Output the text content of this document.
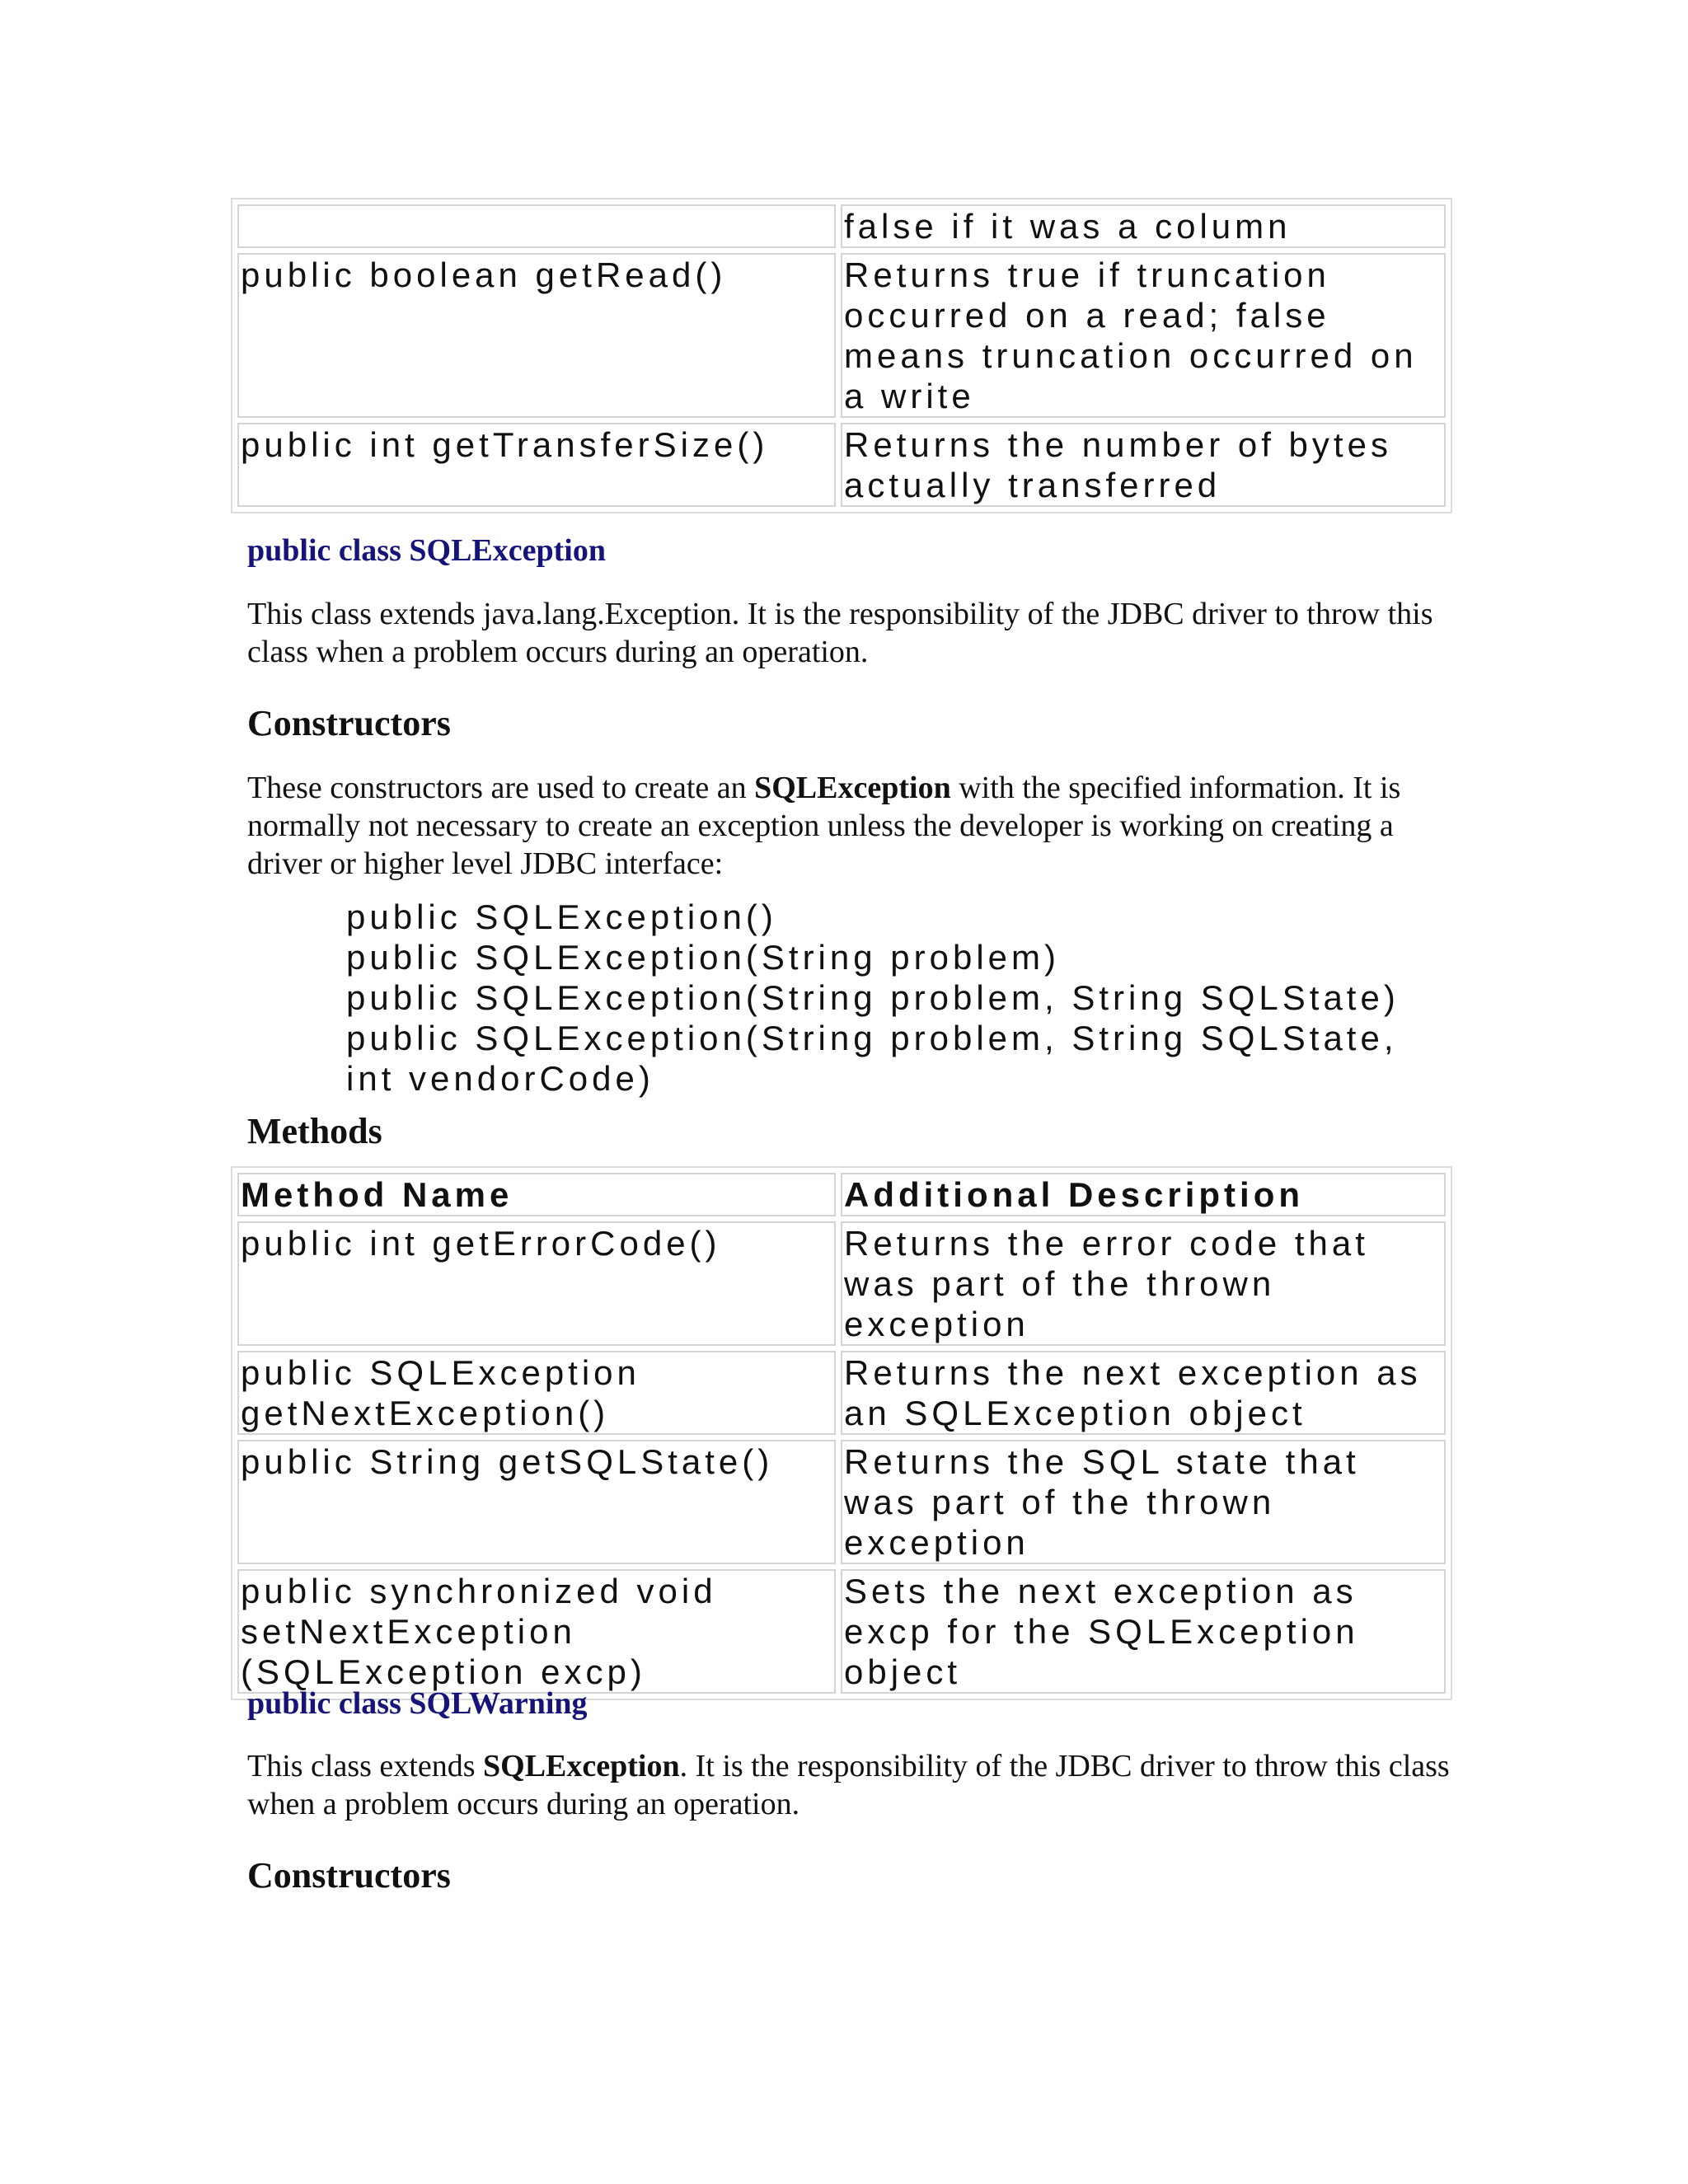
	false if it was a column
public boolean getRead()	Returns true if truncation occurred on a read; false means truncation occurred on a write
public int getTransferSize()	Returns the number of bytes actually transferred
public class SQLException
This class extends java.lang.Exception. It is the responsibility of the JDBC driver to throw this class when a problem occurs during an operation.
Constructors
These constructors are used to create an SQLException with the specified information. It is normally not necessary to create an exception unless the developer is working on creating a driver or higher level JDBC interface:
public SQLException()
public SQLException(String problem)
public SQLException(String problem, String SQLState)
public SQLException(String problem, String SQLState,
int vendorCode)
Methods
Method Name	Additional Description
public int getErrorCode()	Returns the error code that was part of the thrown exception
public SQLException getNextException()	Returns the next exception as an SQLException object
public String getSQLState()	Returns the SQL state that was part of the thrown exception
public synchronized void setNextException (SQLException excp)	Sets the next exception as excp for the SQLException object
public class SQLWarning
This class extends SQLException. It is the responsibility of the JDBC driver to throw this class when a problem occurs during an operation.
Constructors
